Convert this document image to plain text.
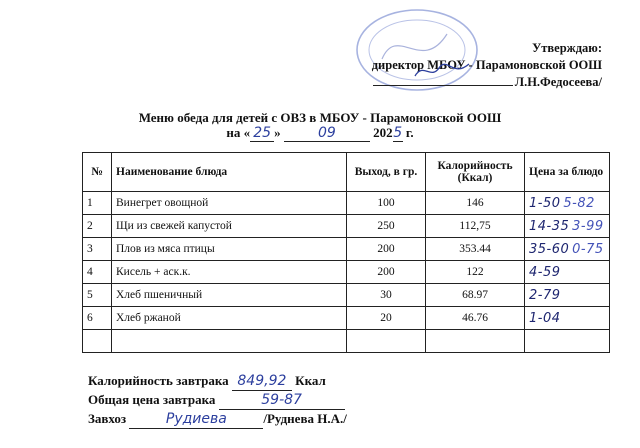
Утверждаю:
директор МБОУ - Парамоновской ООШ
Л.Н.Федосеева/
Меню обеда для детей с ОВЗ в МБОУ - Парамоновской ООШ
на « 25 »	09	2025 г.
№	Наименование блюда	Выход, в гр.	Калорийность (Ккал)	Цена за блюдо
1	Винегрет овощной	100	146	1-50 5-82
2	Щи из свежей капустой	250	112,75	14-35 3-99
3	Плов из мяса птицы	200	353.44	35-60 0-75
4	Кисель + аск.к.	200	122	4-59
5	Хлеб пшеничный	30	68.97	2-79
6	Хлеб ржаной	20	46.76	1-04

Калорийность завтрака 849,92 Ккал
Общая цена завтрака	59-87
Завхоз	Рудиева	/Руднева Н.А./
